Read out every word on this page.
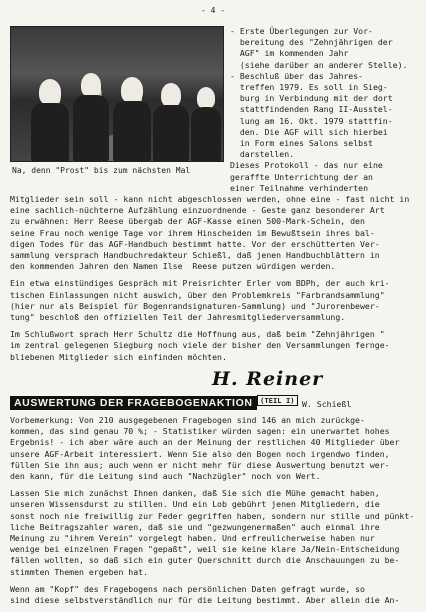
- 4 -
Na, denn "Prost" bis zum nächsten Mal

- Erste Überlegungen zur Vor-

bereitung des "Zehnjährigen der

AGF" im kommenden Jahr

(siehe darüber an anderer Stelle).

- Beschluß über das Jahres-

treffen 1979. Es soll in Sieg-

burg in Verbindung mit der dort

stattfindenden Rang II-Ausstel-

lung am 16. Okt. 1979 stattfin-

den. Die AGF will sich hierbei

in Form eines Salons selbst

darstellen.

Dieses Protokoll - das nur eine

geraffte Unterrichtung der an

einer Teilnahme verhinderten

Mitglieder sein soll - kann nicht abgeschlossen werden, ohne eine - fast nicht in
eine sachlich-nüchterne Aufzählung einzuordnende - Geste ganz besonderer Art
zu erwähnen: Herr Reese übergab der AGF-Kasse einen 500-Mark-Schein, den
seine Frau noch wenige Tage vor ihrem Hinscheiden im Bewußtsein ihres bal-
digen Todes für das AGF-Handbuch bestimmt hatte. Vor der erschütterten Ver-
sammlung versprach Handbuchredakteur Schießl, daß jenen Handbuchblättern in
den kommenden Jahren den Namen Ilse  Reese putzen würdigen werden.

Ein etwa einstündiges Gespräch mit Preisrichter Erler vom BDPh, der auch kri-
tischen Einlassungen nicht auswich, über den Problemkreis "Farbrandsammlung"
(hier nur als Beispiel für Bogenrandsignaturen-Sammlung) und "Jurorenbewer-
tung" beschloß den offiziellen Teil der Jahresmitgliederversammlung.

Im Schlußwort sprach Herr Schultz die Hoffnung aus, daß beim "Zehnjährigen "
im zentral gelegenen Siegburg noch viele der bisher den Versammlungen fernge-
bliebenen Mitglieder sich einfinden möchten.

H. Reiner
AUSWERTUNG DER FRAGEBOGENAKTION	(TEIL I) W. Schießl

Vorbemerkung: Von 210 ausgegebenen Fragebogen sind 146 an mich zurückge-
kommen, das sind genau 70 %; - Statistiker würden sagen: ein unerwartet hohes
Ergebnis! - ich aber wäre auch an der Meinung der restlichen 40 Mitglieder über
unsere AGF-Arbeit interessiert. Wenn Sie also den Bogen noch irgendwo finden,
füllen Sie ihn aus; auch wenn er nicht mehr für diese Auswertung benutzt wer-
den kann, für die Leitung sind auch "Nachzügler" noch von Wert.

Lassen Sie mich zunächst Ihnen danken, daß Sie sich die Mühe gemacht haben,
unseren Wissensdurst zu stillen. Und ein Lob gebührt jenen Mitgliedern, die
sonst noch nie freiwillig zur Feder gegriffen haben, sondern nur stille und pünkt-
liche Beitragszahler waren, daß sie und "gezwungenermaßen" auch einmal ihre
Meinung zu "ihrem Verein" vorgelegt haben. Und erfreulicherweise haben nur
wenige bei einzelnen Fragen "gepaßt", weil sie keine klare Ja/Nein-Entscheidung
fällen wollten, so daß sich ein guter Querschnitt durch die Anschauungen zu be-
stimmten Themen ergeben hat.

Wenn am "Kopf" des Fragebogens nach persönlichen Daten gefragt wurde, so
sind diese selbstverständlich nur für die Leitung bestimmt. Aber allein die An-
